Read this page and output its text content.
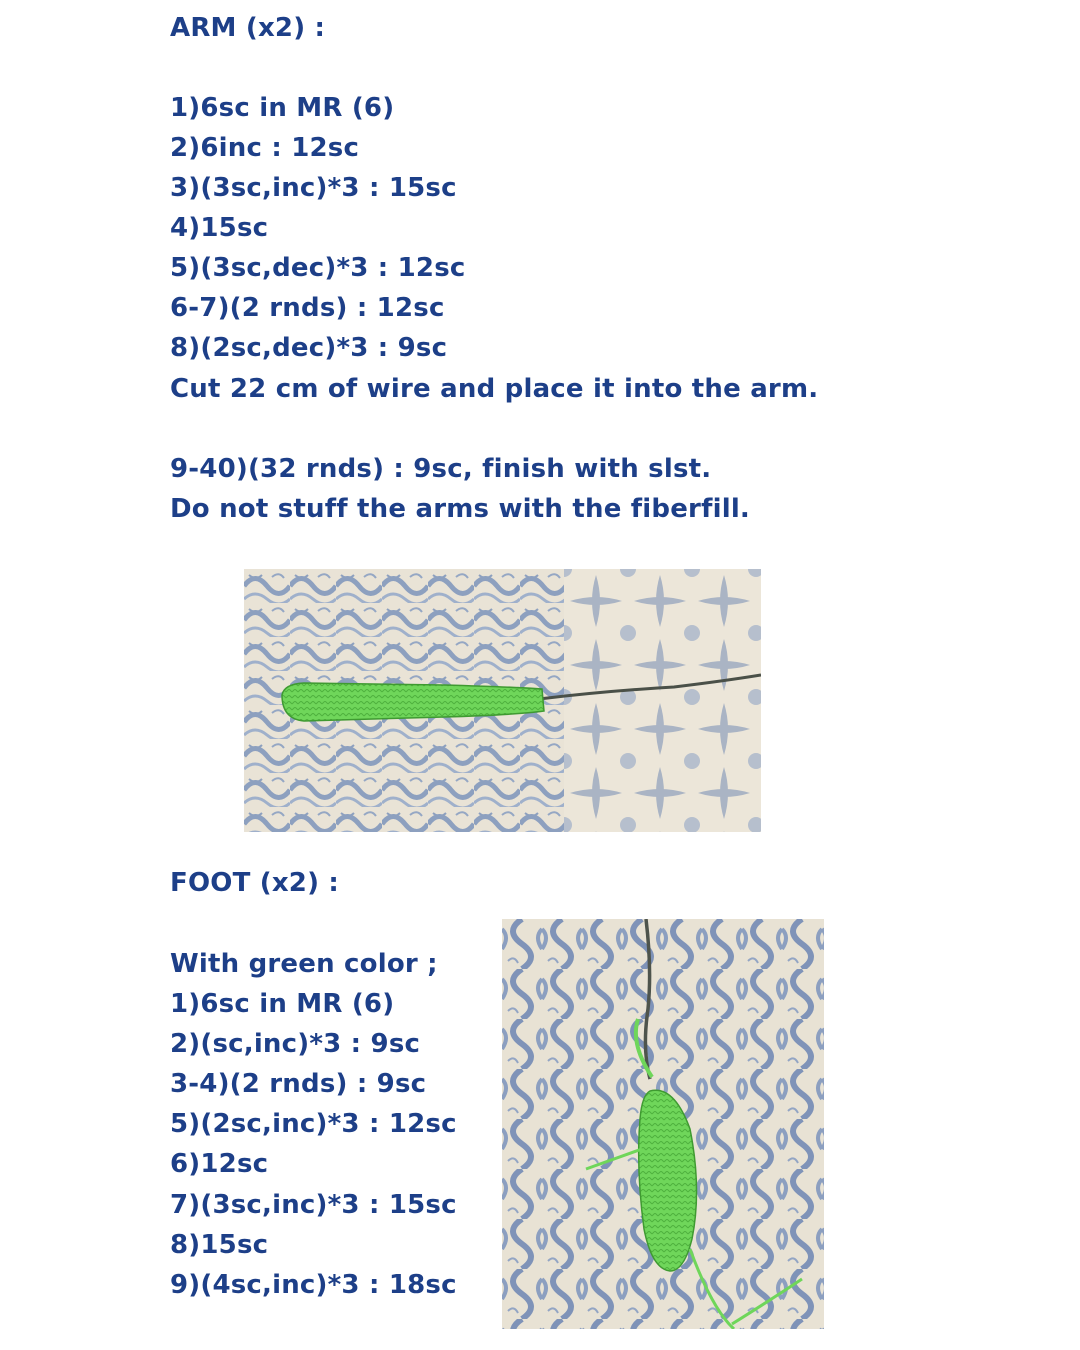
ARM (x2) :
1)6sc in MR (6)
2)6inc : 12sc
3)(3sc,inc)*3 : 15sc
4)15sc
5)(3sc,dec)*3 : 12sc
6-7)(2 rnds) : 12sc
8)(2sc,dec)*3 : 9sc
Cut 22 cm of wire and place it into the arm.
9-40)(32 rnds) : 9sc, finish with slst.
Do not stuff the arms with the fiberfill.
FOOT (x2) :
With green color ;
1)6sc in MR (6)
2)(sc,inc)*3 : 9sc
3-4)(2 rnds) : 9sc
5)(2sc,inc)*3 : 12sc
6)12sc
7)(3sc,inc)*3 : 15sc
8)15sc
9)(4sc,inc)*3 : 18sc
